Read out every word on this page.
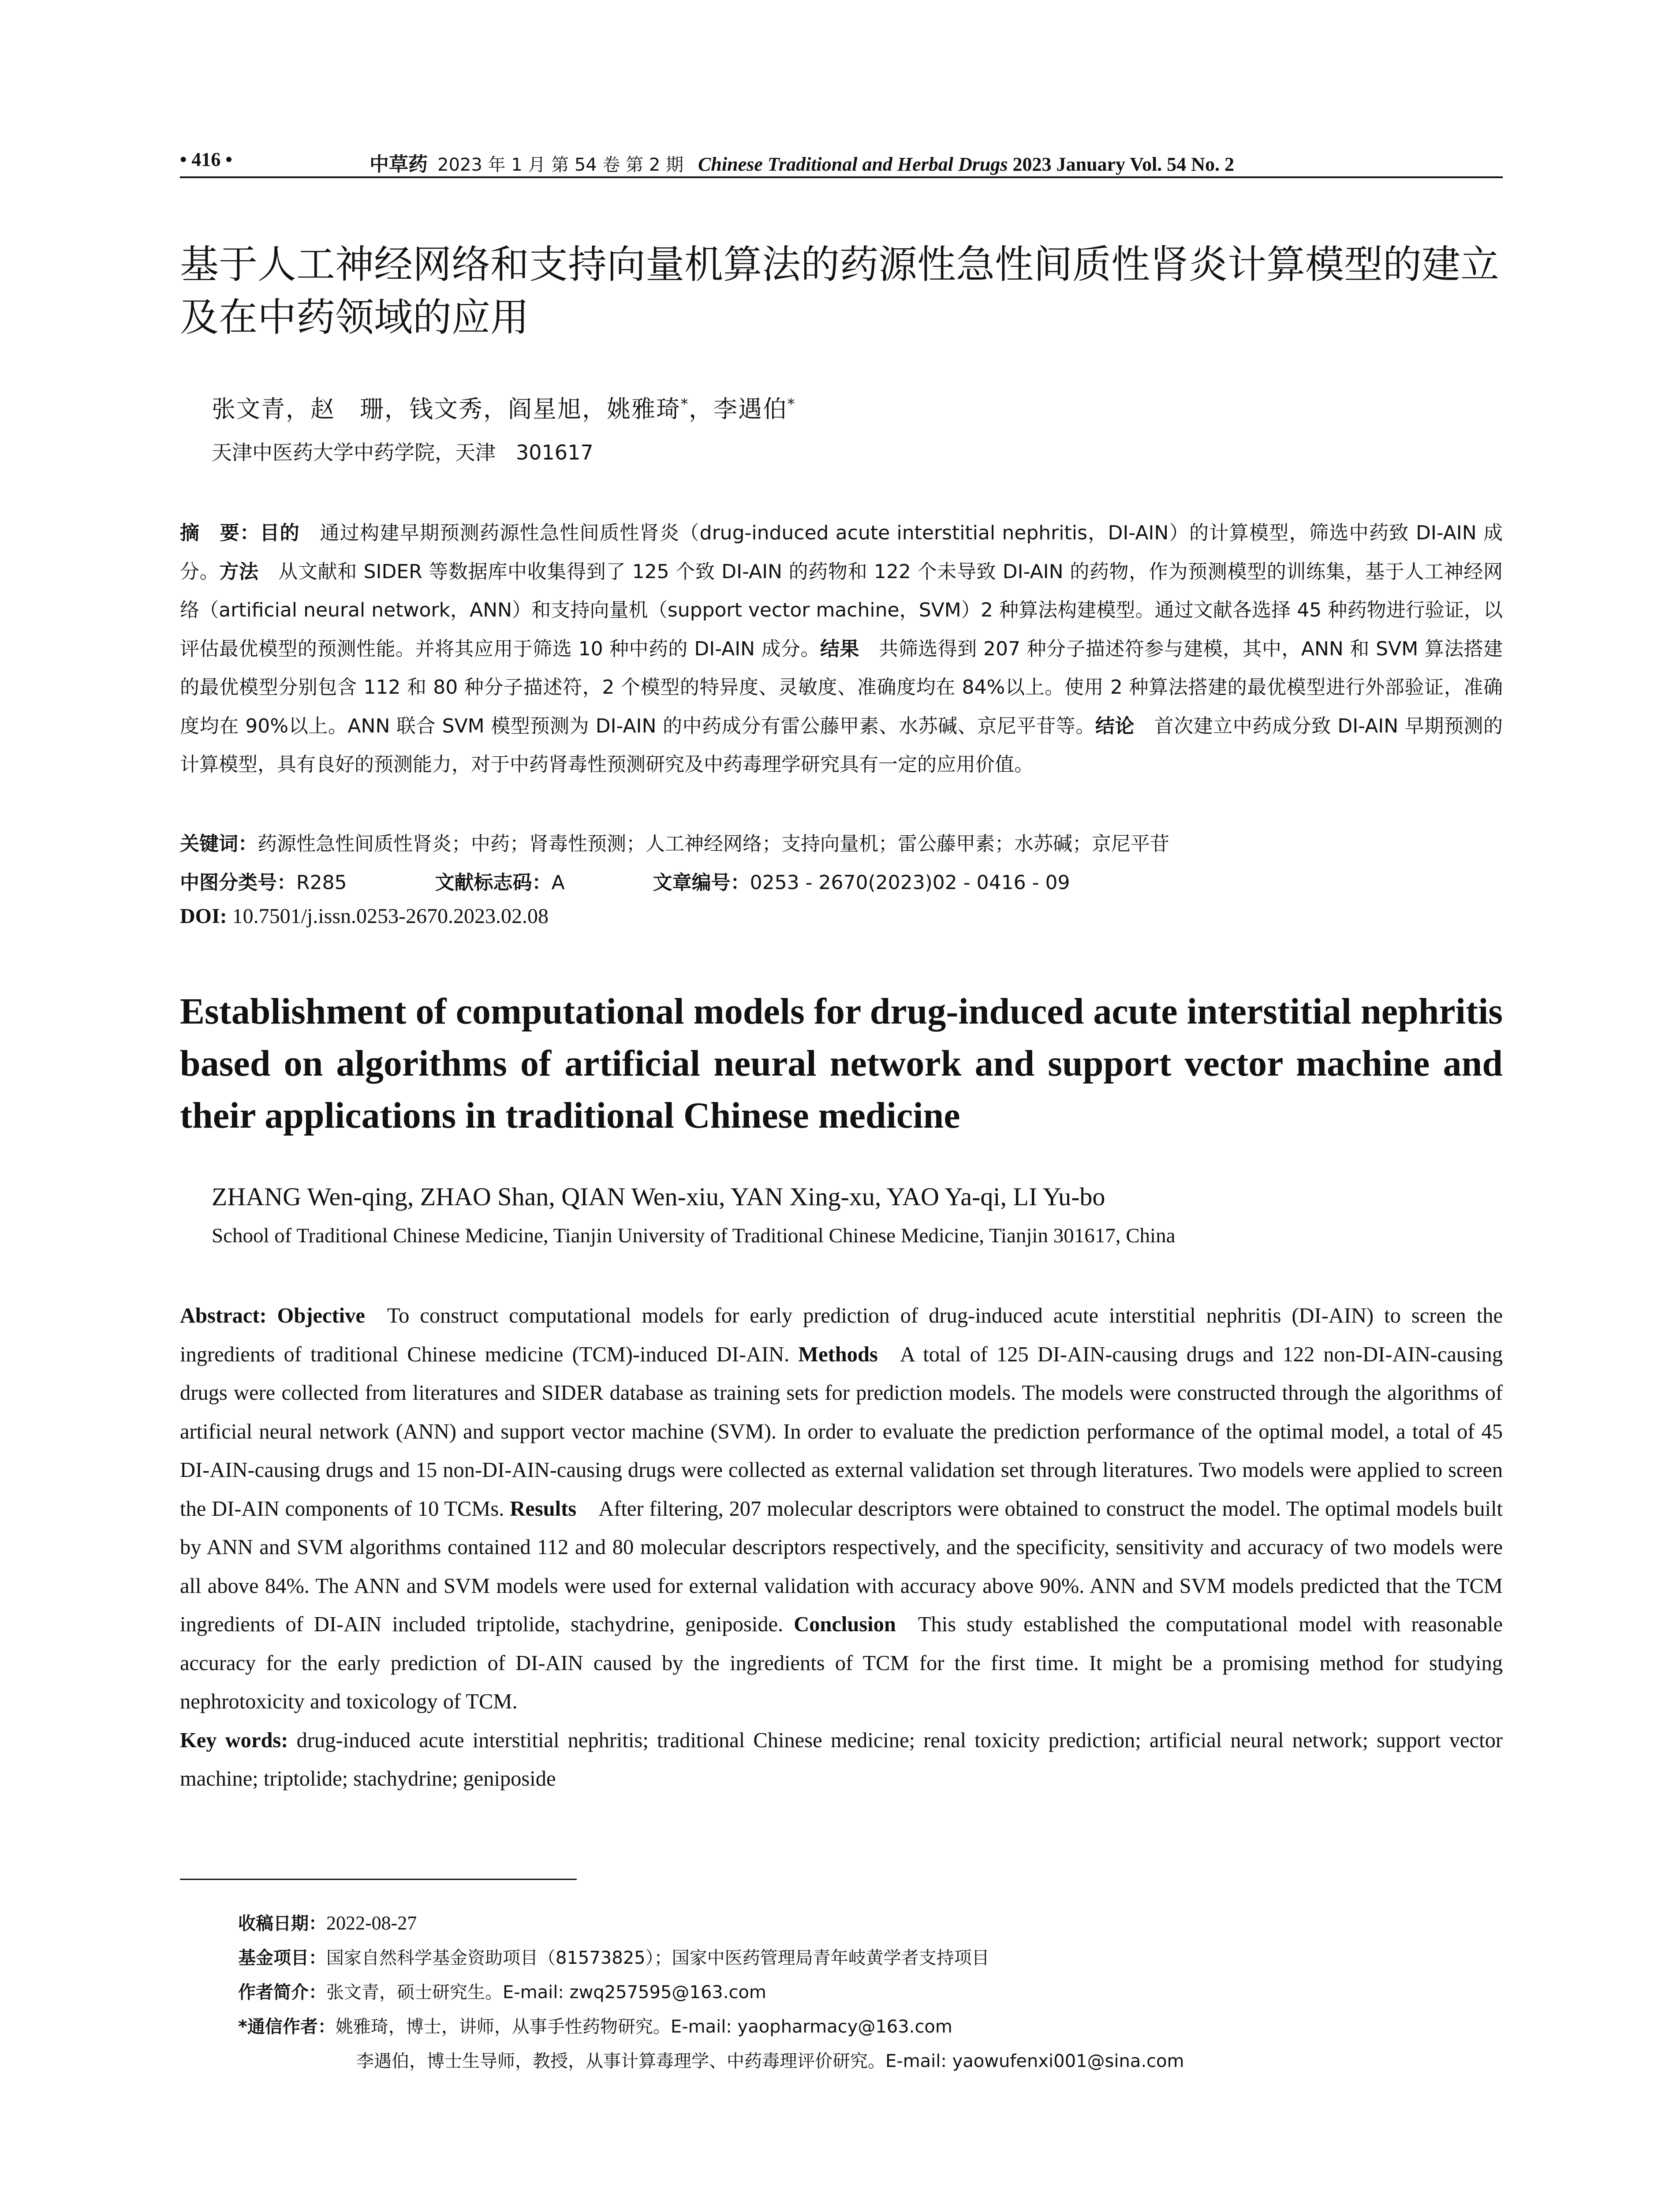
• 416 •	中草药 2023 年 1 月 第 54 卷 第 2 期 Chinese Traditional and Herbal Drugs 2023 January Vol. 54 No. 2
基于人工神经网络和支持向量机算法的药源性急性间质性肾炎计算模型的建立及在中药领域的应用
张文青，赵　珊，钱文秀，阎星旭，姚雅琦*，李遇伯*
天津中医药大学中药学院，天津　301617
摘　要：目的  通过构建早期预测药源性急性间质性肾炎（drug-induced acute interstitial nephritis，DI-AIN）的计算模型，筛选中药致 DI-AIN 成分。方法  从文献和 SIDER 等数据库中收集得到了 125 个致 DI-AIN 的药物和 122 个未导致 DI-AIN 的药物，作为预测模型的训练集，基于人工神经网络（artificial neural network，ANN）和支持向量机（support vector machine，SVM）2 种算法构建模型。通过文献各选择 45 种药物进行验证，以评估最优模型的预测性能。并将其应用于筛选 10 种中药的 DI-AIN 成分。结果  共筛选得到 207 种分子描述符参与建模，其中，ANN 和 SVM 算法搭建的最优模型分别包含 112 和 80 种分子描述符，2 个模型的特异度、灵敏度、准确度均在 84%以上。使用 2 种算法搭建的最优模型进行外部验证，准确度均在 90%以上。ANN 联合 SVM 模型预测为 DI-AIN 的中药成分有雷公藤甲素、水苏碱、京尼平苷等。结论  首次建立中药成分致 DI-AIN 早期预测的计算模型，具有良好的预测能力，对于中药肾毒性预测研究及中药毒理学研究具有一定的应用价值。
关键词：药源性急性间质性肾炎；中药；肾毒性预测；人工神经网络；支持向量机；雷公藤甲素；水苏碱；京尼平苷
中图分类号：R285	文献标志码：A	文章编号：0253 - 2670(2023)02 - 0416 - 09
DOI: 10.7501/j.issn.0253-2670.2023.02.08
Establishment of computational models for drug-induced acute interstitial nephritis based on algorithms of artificial neural network and support vector machine and their applications in traditional Chinese medicine
ZHANG Wen-qing, ZHAO Shan, QIAN Wen-xiu, YAN Xing-xu, YAO Ya-qi, LI Yu-bo
School of Traditional Chinese Medicine, Tianjin University of Traditional Chinese Medicine, Tianjin 301617, China
Abstract: Objective To construct computational models for early prediction of drug-induced acute interstitial nephritis (DI-AIN) to screen the ingredients of traditional Chinese medicine (TCM)-induced DI-AIN. Methods A total of 125 DI-AIN-causing drugs and 122 non-DI-AIN-causing drugs were collected from literatures and SIDER database as training sets for prediction models. The models were constructed through the algorithms of artificial neural network (ANN) and support vector machine (SVM). In order to evaluate the prediction performance of the optimal model, a total of 45 DI-AIN-causing drugs and 15 non-DI-AIN-causing drugs were collected as external validation set through literatures. Two models were applied to screen the DI-AIN components of 10 TCMs. Results After filtering, 207 molecular descriptors were obtained to construct the model. The optimal models built by ANN and SVM algorithms contained 112 and 80 molecular descriptors respectively, and the specificity, sensitivity and accuracy of two models were all above 84%. The ANN and SVM models were used for external validation with accuracy above 90%. ANN and SVM models predicted that the TCM ingredients of DI-AIN included triptolide, stachydrine, geniposide. Conclusion This study established the computational model with reasonable accuracy for the early prediction of DI-AIN caused by the ingredients of TCM for the first time. It might be a promising method for studying nephrotoxicity and toxicology of TCM.
Key words: drug-induced acute interstitial nephritis; traditional Chinese medicine; renal toxicity prediction; artificial neural network; support vector machine; triptolide; stachydrine; geniposide
收稿日期：2022-08-27
基金项目：国家自然科学基金资助项目（81573825）；国家中医药管理局青年岐黄学者支持项目
作者简介：张文青，硕士研究生。E-mail: zwq257595@163.com
*通信作者：姚雅琦，博士，讲师，从事手性药物研究。E-mail: yaopharmacy@163.com
李遇伯，博士生导师，教授，从事计算毒理学、中药毒理评价研究。E-mail: yaowufenxi001@sina.com
